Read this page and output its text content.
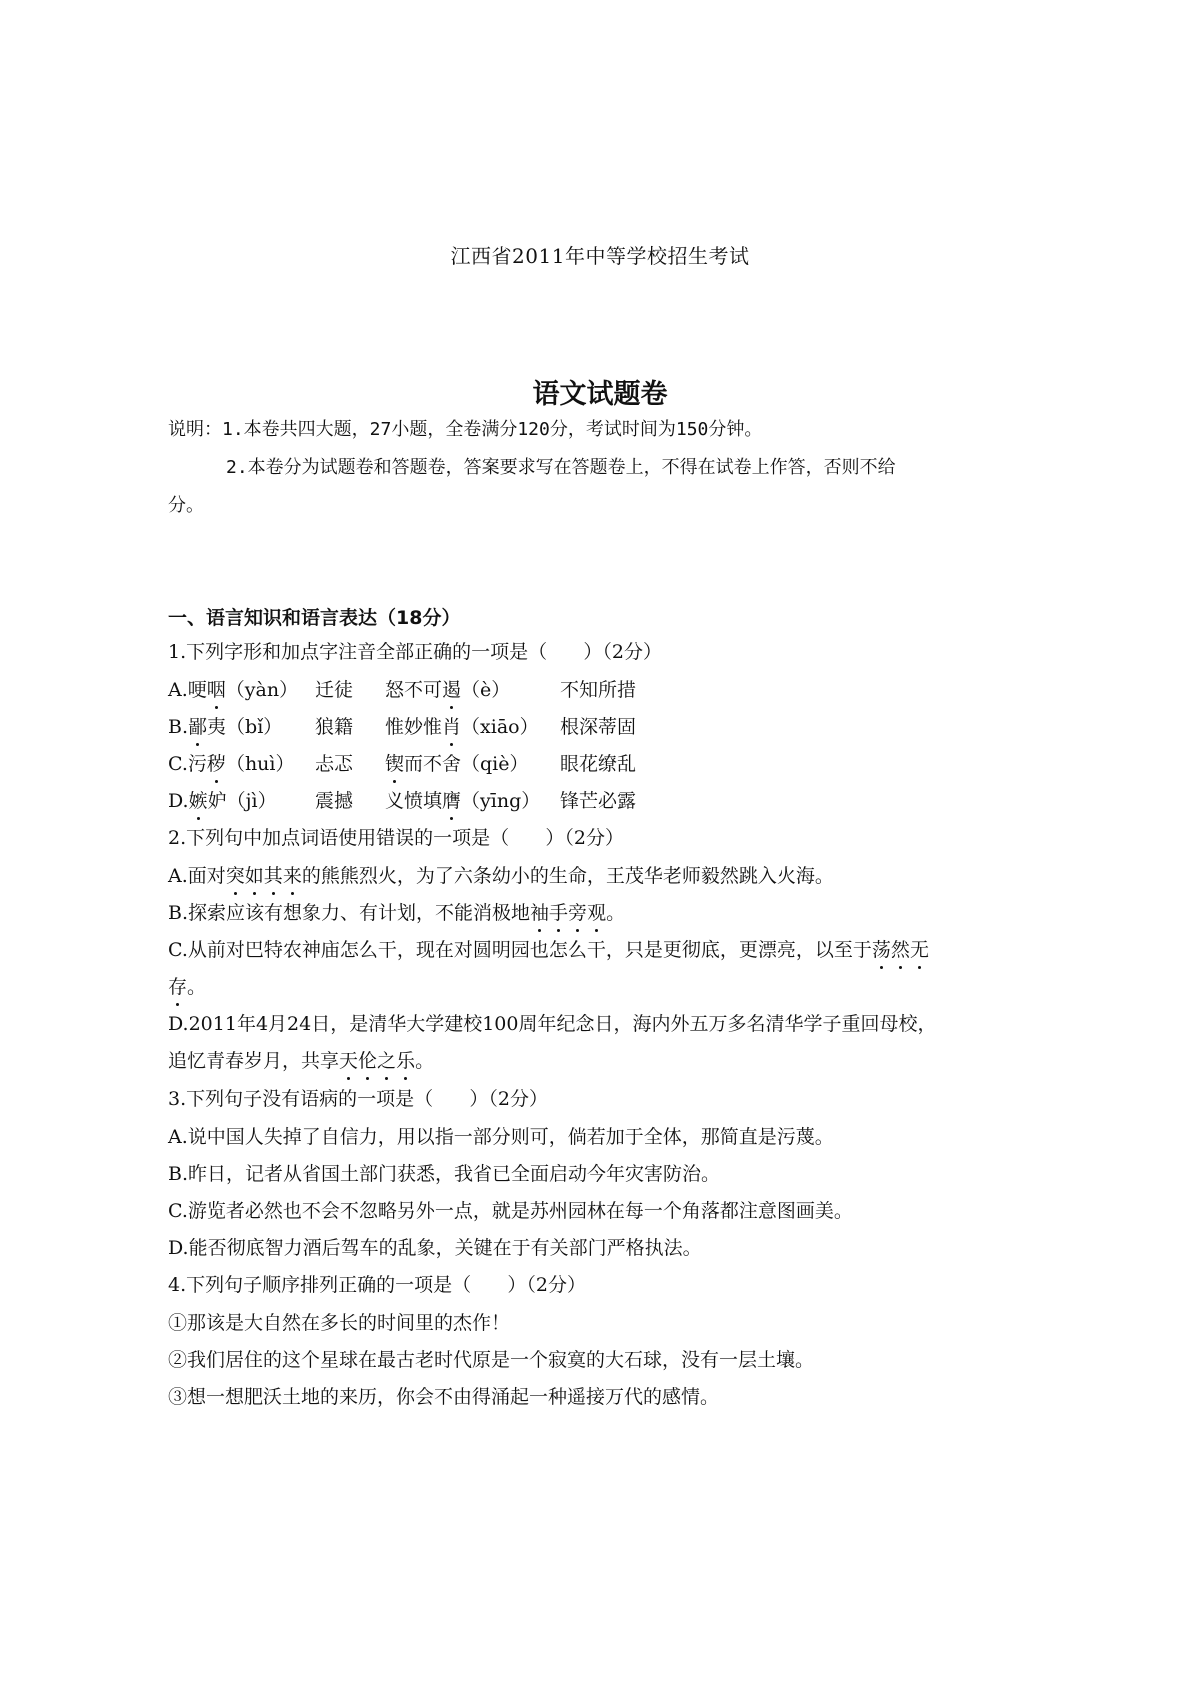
江西省2011年中等学校招生考试
语文试题卷
说明：1.本卷共四大题，27小题，全卷满分120分，考试时间为150分钟。
2.本卷分为试题卷和答题卷，答案要求写在答题卷上，不得在试卷上作答，否则不给
分。
一、语言知识和语言表达（18分）
1.下列字形和加点字注音全部正确的一项是（      ）（2分）
A.哽咽（yàn） 迁徒 怒不可遏（è）	不知所措
B.鄙夷（bǐ） 狼籍 惟妙惟肖（xiāo） 根深蒂固
C.污秽（huì） 忐忑 锲而不舍（qiè） 眼花缭乱
D.嫉妒（jì） 震撼 义愤填膺（yīng） 锋芒必露
2.下列句中加点词语使用错误的一项是（      ）（2分）
A.面对突如其来的熊熊烈火，为了六条幼小的生命，王茂华老师毅然跳入火海。
B.探索应该有想象力、有计划，不能消极地袖手旁观。
C.从前对巴特农神庙怎么干，现在对圆明园也怎么干，只是更彻底，更漂亮，以至于荡然无
存。
D.2011年4月24日，是清华大学建校100周年纪念日，海内外五万多名清华学子重回母校，
追忆青春岁月，共享天伦之乐。
3.下列句子没有语病的一项是（      ）（2分）
A.说中国人失掉了自信力，用以指一部分则可，倘若加于全体，那简直是污蔑。
B.昨日，记者从省国土部门获悉，我省已全面启动今年灾害防治。
C.游览者必然也不会不忽略另外一点，就是苏州园林在每一个角落都注意图画美。
D.能否彻底智力酒后驾车的乱象，关键在于有关部门严格执法。
4.下列句子顺序排列正确的一项是（      ）（2分）
①那该是大自然在多长的时间里的杰作！
②我们居住的这个星球在最古老时代原是一个寂寞的大石球，没有一层土壤。
③想一想肥沃土地的来历，你会不由得涌起一种遥接万代的感情。
